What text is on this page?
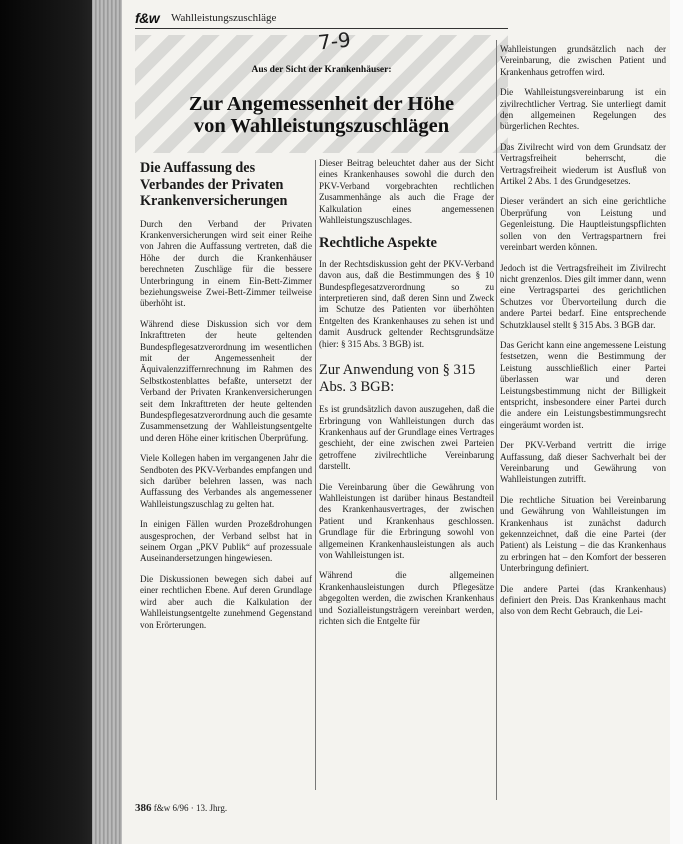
f&w Wahlleistungszuschläge
7-9
Aus der Sicht der Krankenhäuser:
Zur Angemessenheit der Höhe
von Wahlleistungszuschlägen
Die Auffassung des Verbandes der Privaten Krankenversicherungen

Durch den Verband der Privaten Krankenversicherungen wird seit einer Reihe von Jahren die Auffassung vertreten, daß die Höhe der durch die Krankenhäuser berechneten Zuschläge für die bessere Unterbringung in einem Ein-Bett-Zimmer beziehungsweise Zwei-Bett-Zimmer teilweise überhöht ist.

Während diese Diskussion sich vor dem Inkrafttreten der heute geltenden Bundespflegesatzverordnung im wesentlichen mit der Angemessenheit der Äquivalenzziffernrechnung im Rahmen des Selbstkostenblattes befaßte, untersetzt der Verband der Privaten Krankenversicherungen seit dem Inkrafttreten der heute geltenden Bundespflegesatzverordnung auch die gesamte Zusammensetzung der Wahlleistungsentgelte und deren Höhe einer kritischen Überprüfung.

Viele Kollegen haben im vergangenen Jahr die Sendboten des PKV-Verbandes empfangen und sich darüber belehren lassen, was nach Auffassung des Verbandes als angemessener Wahlleistungszuschlag zu gelten hat.

In einigen Fällen wurden Prozeßdrohungen ausgesprochen, der Verband selbst hat in seinem Organ „PKV Publik“ auf prozessuale Auseinandersetzungen hingewiesen.

Die Diskussionen bewegen sich dabei auf einer rechtlichen Ebene. Auf deren Grundlage wird aber auch die Kalkulation der Wahlleistungsentgelte zunehmend Gegenstand von Erörterungen.

Dieser Beitrag beleuchtet daher aus der Sicht eines Krankenhauses sowohl die durch den PKV-Verband vorgebrachten rechtlichen Zusammenhänge als auch die Frage der Kalkulation eines angemessenen Wahlleistungszuschlages.

Rechtliche Aspekte

In der Rechtsdiskussion geht der PKV-Verband davon aus, daß die Bestimmungen des § 10 Bundespflegesatzverordnung so zu interpretieren sind, daß deren Sinn und Zweck im Schutze des Patienten vor überhöhten Entgelten des Krankenhauses zu sehen ist und damit Ausdruck geltender Rechtsgrundsätze (hier: § 315 Abs. 3 BGB) ist.

Zur Anwendung von § 315 Abs. 3 BGB:

Es ist grundsätzlich davon auszugehen, daß die Erbringung von Wahlleistungen durch das Krankenhaus auf der Grundlage eines Vertrages geschieht, der eine zwischen zwei Parteien getroffene zivilrechtliche Vereinbarung darstellt.

Die Vereinbarung über die Gewährung von Wahlleistungen ist darüber hinaus Bestandteil des Krankenhausvertrages, der zwischen Patient und Krankenhaus geschlossen. Grundlage für die Erbringung sowohl von allgemeinen Krankenhausleistungen als auch von Wahlleistungen ist.

Während die allgemeinen Krankenhausleistungen durch Pflegesätze abgegolten werden, die zwischen Krankenhaus und Sozialleistungsträgern vereinbart werden, richten sich die Entgelte für

Wahlleistungen grundsätzlich nach der Vereinbarung, die zwischen Patient und Krankenhaus getroffen wird.

Die Wahlleistungsvereinbarung ist ein zivilrechtlicher Vertrag. Sie unterliegt damit den allgemeinen Regelungen des bürgerlichen Rechtes.

Das Zivilrecht wird von dem Grundsatz der Vertragsfreiheit beherrscht, die Vertragsfreiheit wiederum ist Ausfluß von Artikel 2 Abs. 1 des Grundgesetzes.

Dieser verändert an sich eine gerichtliche Überprüfung von Leistung und Gegenleistung. Die Hauptleistungspflichten sollen von den Vertragspartnern frei vereinbart werden können.

Jedoch ist die Vertragsfreiheit im Zivilrecht nicht grenzenlos. Dies gilt immer dann, wenn eine Vertragspartei des gerichtlichen Schutzes vor Übervorteilung durch die andere Partei bedarf. Eine entsprechende Schutzklausel stellt § 315 Abs. 3 BGB dar.

Das Gericht kann eine angemessene Leistung festsetzen, wenn die Bestimmung der Leistung ausschließlich einer Partei überlassen war und deren Leistungsbestimmung nicht der Billigkeit entspricht, insbesondere einer Partei durch die andere ein Leistungsbestimmungsrecht eingeräumt worden ist.

Der PKV-Verband vertritt die irrige Auffassung, daß dieser Sachverhalt bei der Vereinbarung und Gewährung von Wahlleistungen zutrifft.

Die rechtliche Situation bei Vereinbarung und Gewährung von Wahlleistungen im Krankenhaus ist zunächst dadurch gekennzeichnet, daß die eine Partei (der Patient) als Leistung – die das Krankenhaus zu erbringen hat – den Komfort der besseren Unterbringung definiert.

Die andere Partei (das Krankenhaus) definiert den Preis. Das Krankenhaus macht also von dem Recht Gebrauch, die Lei-

386 f&w 6/96 · 13. Jhrg.
